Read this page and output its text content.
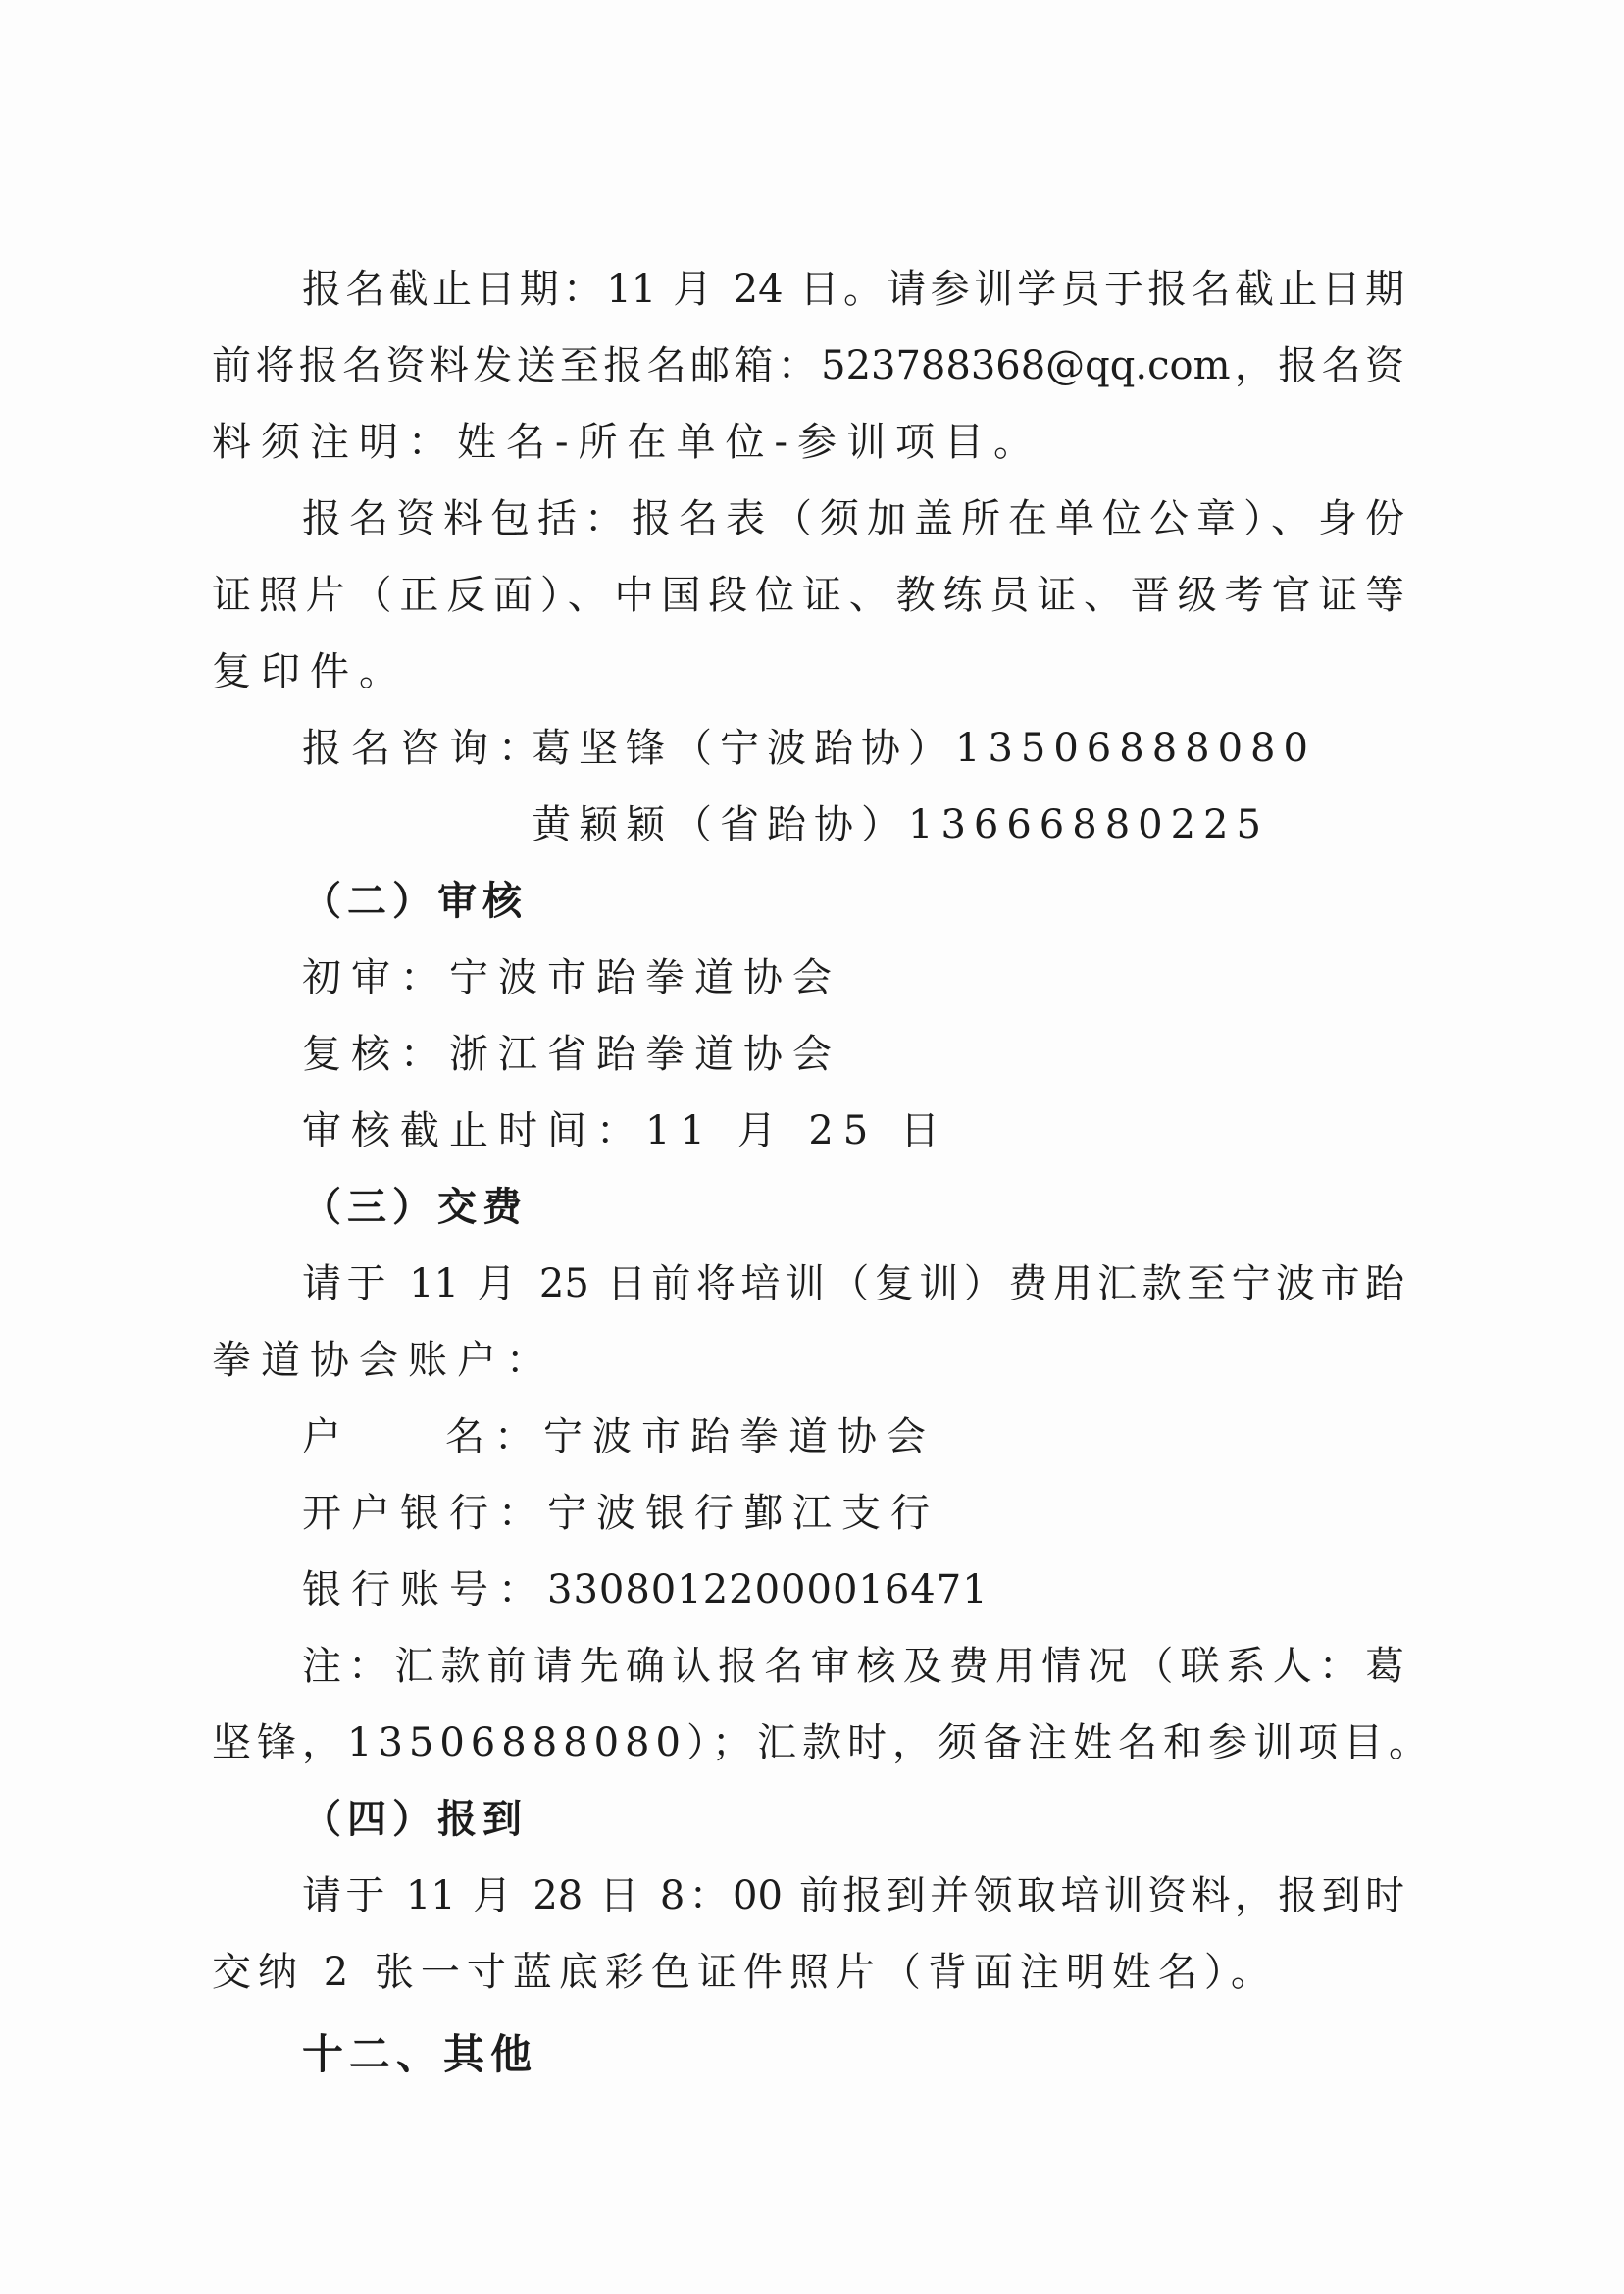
报名截止日期：11 月 24 日。请参训学员于报名截止日期
前将报名资料发送至报名邮箱：523788368@qq.com，报名资
料须注明：姓名-所在单位-参训项目。
报名资料包括：报名表（须加盖所在单位公章）、身份
证照片（正反面）、中国段位证、教练员证、晋级考官证等
复印件。
报名咨询：
葛坚锋（宁波跆协）13506888080
黄颖颖（省跆协）13666880225
（二）审核
初审：宁波市跆拳道协会
复核：浙江省跆拳道协会
审核截止时间：11 月 25 日
（三）交费
请于 11 月 25 日前将培训（复训）费用汇款至宁波市跆
拳道协会账户：
户 名：宁波市跆拳道协会
开户银行：宁波银行鄞江支行
银行账号：33080122000016471
注：汇款前请先确认报名审核及费用情况（联系人：葛
坚锋，13506888080）；汇款时，须备注姓名和参训项目。
（四）报到
请于 11 月 28 日 8：00 前报到并领取培训资料，报到时
交纳 2 张一寸蓝底彩色证件照片（背面注明姓名）。
十二、其他
